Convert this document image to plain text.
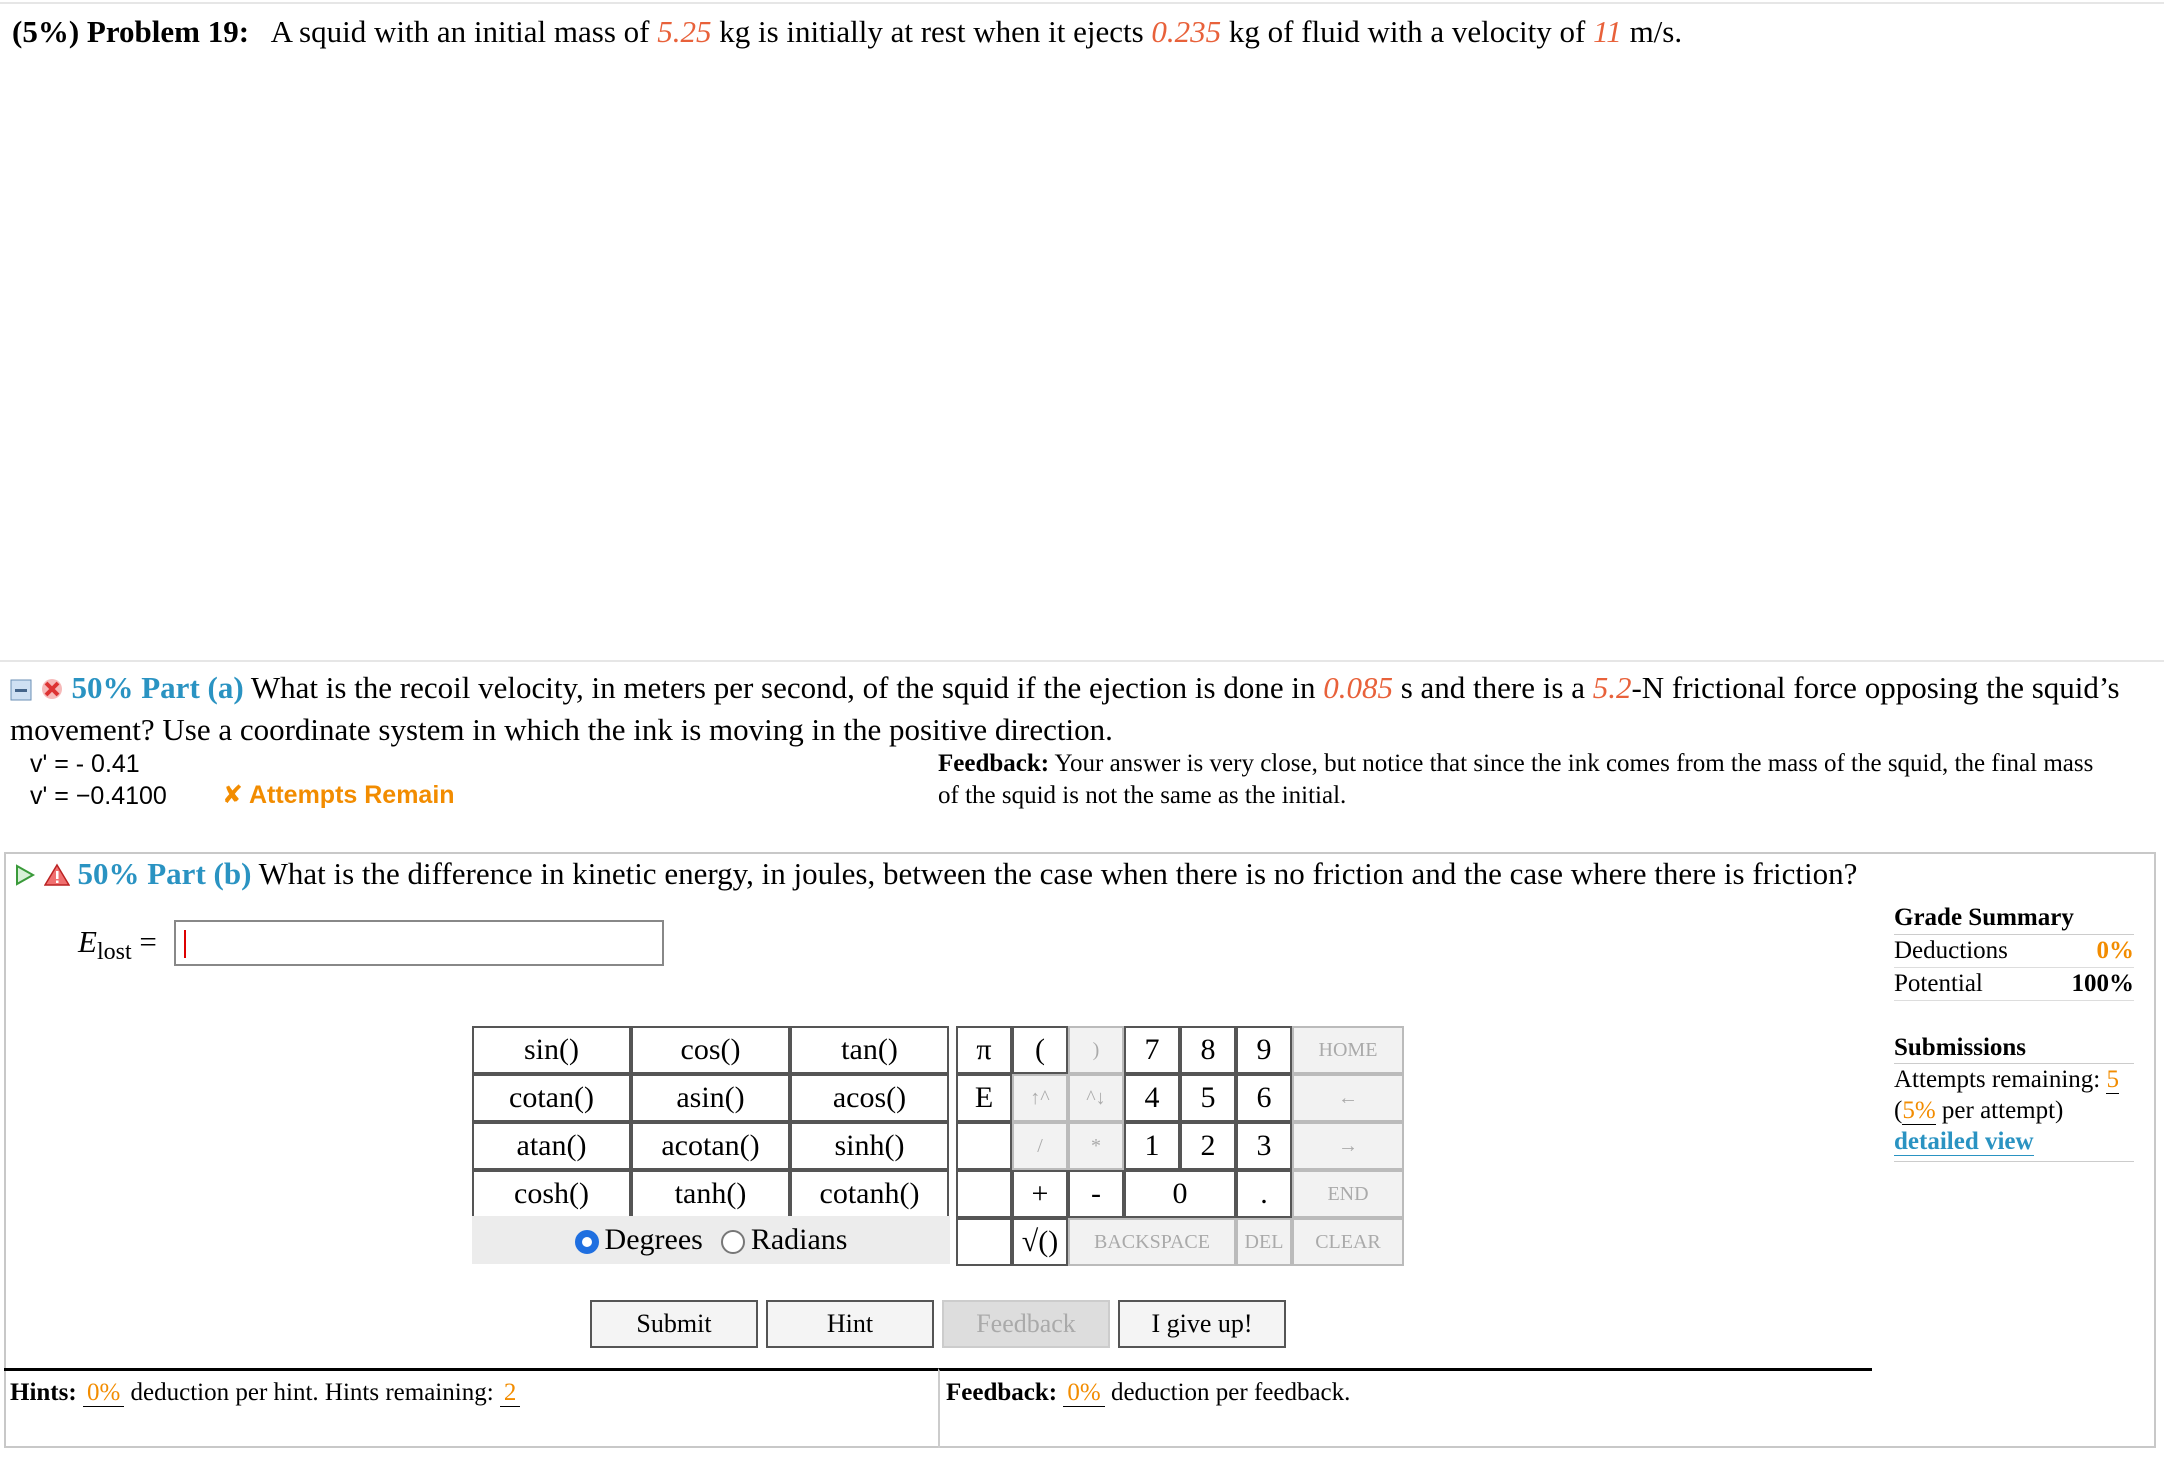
(5%) Problem 19: A squid with an initial mass of 5.25 kg is initially at rest when it ejects 0.235 kg of fluid with a velocity of 11 m/s.
50% Part (a) What is the recoil velocity, in meters per second, of the squid if the ejection is done in 0.085 s and there is a 5.2-N frictional force opposing the squid’s movement? Use a coordinate system in which the ink is moving in the positive direction.
v' = - 0.41
v' = −0.4100 ✘ Attempts Remain
Feedback: Your answer is very close, but notice that since the ink comes from the mass of the squid, the final mass of the squid is not the same as the initial.
50% Part (b) What is the difference in kinetic energy, in joules, between the case when there is no friction and the case where there is friction?
$E_{lost}$ =
Grade Summary
Deductions	0%
Potential	100%
Submissions
Attempts remaining: 5
(5% per attempt)
detailed view
sin()	cos()	tan()
cotan()	asin()	acos()
atan()	acotan()	sinh()
cosh()	tanh()	cotanh()
Degrees	Radians
π	(	)	7	8	9	HOME
E	↑^	^↓	4	5	6	←
	/	*	1	2	3	→
	+	-	0		.	END
	√()	BACKSPACE			DEL	CLEAR
Submit	Hint	Feedback	I give up!
Hints: 0% deduction per hint. Hints remaining: 2	Feedback: 0% deduction per feedback.
